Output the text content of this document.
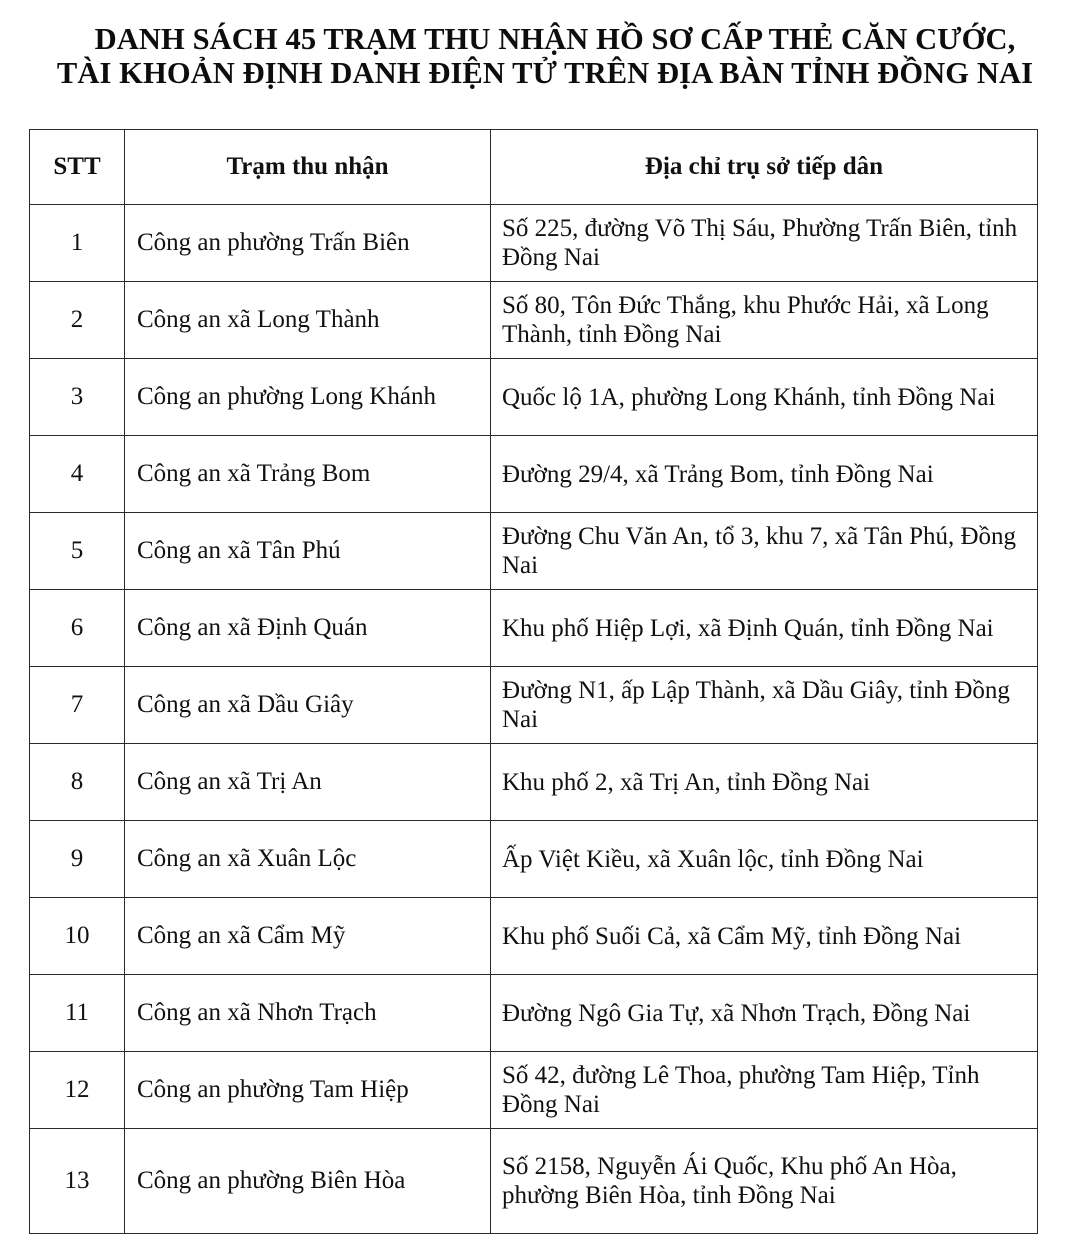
DANH SÁCH 45 TRẠM THU NHẬN HỒ SƠ CẤP THẺ CĂN CƯỚC,
TÀI KHOẢN ĐỊNH DANH ĐIỆN TỬ TRÊN ĐỊA BÀN TỈNH ĐỒNG NAI
STT	Trạm thu nhận	Địa chỉ trụ sở tiếp dân
1	Công an phường Trấn Biên	Số 225, đường Võ Thị Sáu, Phường Trấn Biên, tỉnh Đồng Nai
2	Công an xã Long Thành	Số 80, Tôn Đức Thắng, khu Phước Hải, xã Long Thành, tỉnh Đồng Nai
3	Công an phường Long Khánh	Quốc lộ 1A, phường Long Khánh, tỉnh Đồng Nai
4	Công an xã Trảng Bom	Đường 29/4, xã Trảng Bom, tỉnh Đồng Nai
5	Công an xã Tân Phú	Đường Chu Văn An, tổ 3, khu 7, xã Tân Phú, Đồng Nai
6	Công an xã Định Quán	Khu phố Hiệp Lợi, xã Định Quán, tỉnh Đồng Nai
7	Công an xã Dầu Giây	Đường N1, ấp Lập Thành, xã Dầu Giây, tỉnh Đồng Nai
8	Công an xã Trị An	Khu phố 2, xã Trị An, tỉnh Đồng Nai
9	Công an xã Xuân Lộc	Ấp Việt Kiều, xã Xuân lộc, tỉnh Đồng Nai
10	Công an xã Cẩm Mỹ	Khu phố Suối Cả, xã Cẩm Mỹ, tỉnh Đồng Nai
11	Công an xã Nhơn Trạch	Đường Ngô Gia Tự, xã Nhơn Trạch, Đồng Nai
12	Công an phường Tam Hiệp	Số 42, đường Lê Thoa, phường Tam Hiệp, Tỉnh Đồng Nai
13	Công an phường Biên Hòa	Số 2158, Nguyễn Ái Quốc, Khu phố An Hòa, phường Biên Hòa, tỉnh Đồng Nai
